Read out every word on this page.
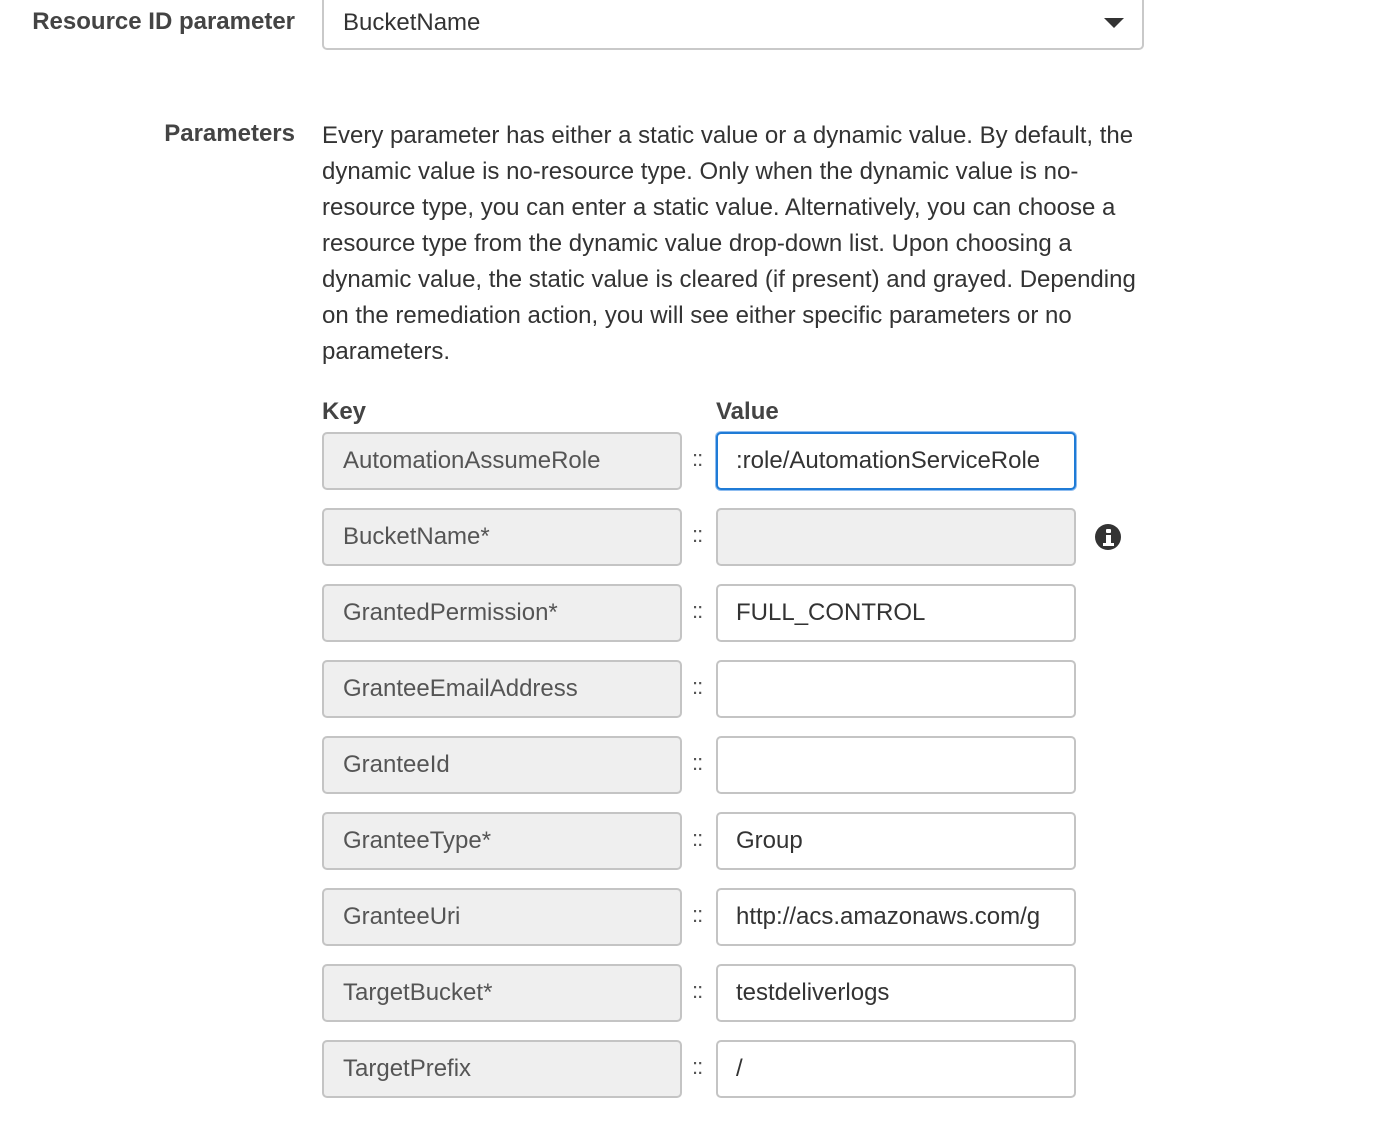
Resource ID parameter BucketName
Parameters Every parameter has either a static value or a dynamic value. By default, the dynamic value is no-resource type. Only when the dynamic value is no-resource type, you can enter a static value. Alternatively, you can choose a resource type from the dynamic value drop-down list. Upon choosing a dynamic value, the static value is cleared (if present) and grayed. Depending on the remediation action, you will see either specific parameters or no parameters.
Key	Value
AutomationAssumeRole	::	:role/AutomationServiceRole
BucketName*	::
GrantedPermission*	::	FULL_CONTROL
GranteeEmailAddress	::
GranteeId	::
GranteeType*	::	Group
GranteeUri	::	http://acs.amazonaws.com/g
TargetBucket*	::	testdeliverlogs
TargetPrefix	::	/
